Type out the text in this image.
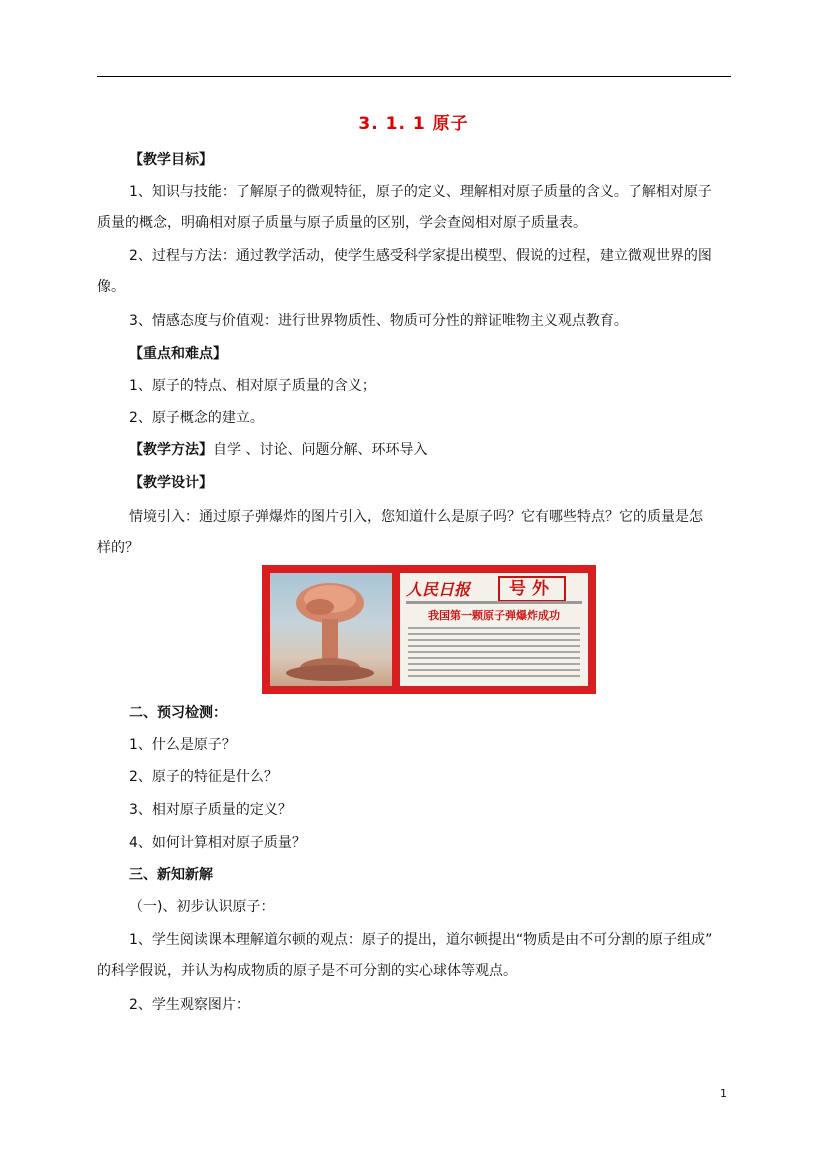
3. 1. 1 原子
【教学目标】
1、知识与技能：了解原子的微观特征，原子的定义、理解相对原子质量的含义。了解相对原子
质量的概念，明确相对原子质量与原子质量的区别，学会查阅相对原子质量表。
2、过程与方法：通过教学活动，使学生感受科学家提出模型、假说的过程，建立微观世界的图
像。
3、情感态度与价值观：进行世界物质性、物质可分性的辩证唯物主义观点教育。
【重点和难点】
1、原子的特点、相对原子质量的含义；
2、原子概念的建立。
【教学方法】自学 、讨论、问题分解、环环导入
【教学设计】
情境引入：通过原子弹爆炸的图片引入，您知道什么是原子吗？它有哪些特点？它的质量是怎
样的？
人民日报	号外
我国第一颗原子弹爆炸成功
二、预习检测：
1、什么是原子？
2、原子的特征是什么？
3、相对原子质量的定义？
4、如何计算相对原子质量？
三、新知新解
（一)、初步认识原子：
1、学生阅读课本理解道尔顿的观点：原子的提出，道尔顿提出“物质是由不可分割的原子组成”
的科学假说，并认为构成物质的原子是不可分割的实心球体等观点。
2、学生观察图片：
1
